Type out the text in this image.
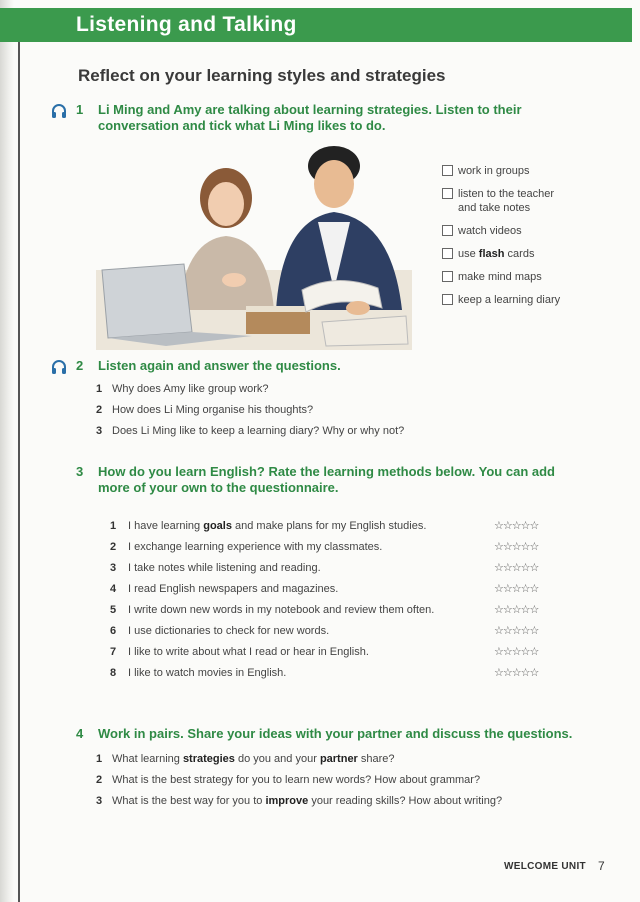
Listening and Talking
Reflect on your learning styles and strategies
1 Li Ming and Amy are talking about learning strategies. Listen to their
conversation and tick what Li Ming likes to do.
work in groups
listen to the teacher
and take notes
watch videos
use flash cards
make mind maps
keep a learning diary
2 Listen again and answer the questions.
1 Why does Amy like group work?
2 How does Li Ming organise his thoughts?
3 Does Li Ming like to keep a learning diary? Why or why not?
3 How do you learn English? Rate the learning methods below. You can add
more of your own to the questionnaire.
1 I have learning goals and make plans for my English studies.	☆☆☆☆☆
2 I exchange learning experience with my classmates.	☆☆☆☆☆
3 I take notes while listening and reading.	☆☆☆☆☆
4 I read English newspapers and magazines.	☆☆☆☆☆
5 I write down new words in my notebook and review them often.	☆☆☆☆☆
6 I use dictionaries to check for new words.	☆☆☆☆☆
7 I like to write about what I read or hear in English.	☆☆☆☆☆
8 I like to watch movies in English.	☆☆☆☆☆
4 Work in pairs. Share your ideas with your partner and discuss the questions.
1 What learning strategies do you and your partner share?
2 What is the best strategy for you to learn new words? How about grammar?
3 What is the best way for you to improve your reading skills? How about writing?
WELCOME UNIT 7
